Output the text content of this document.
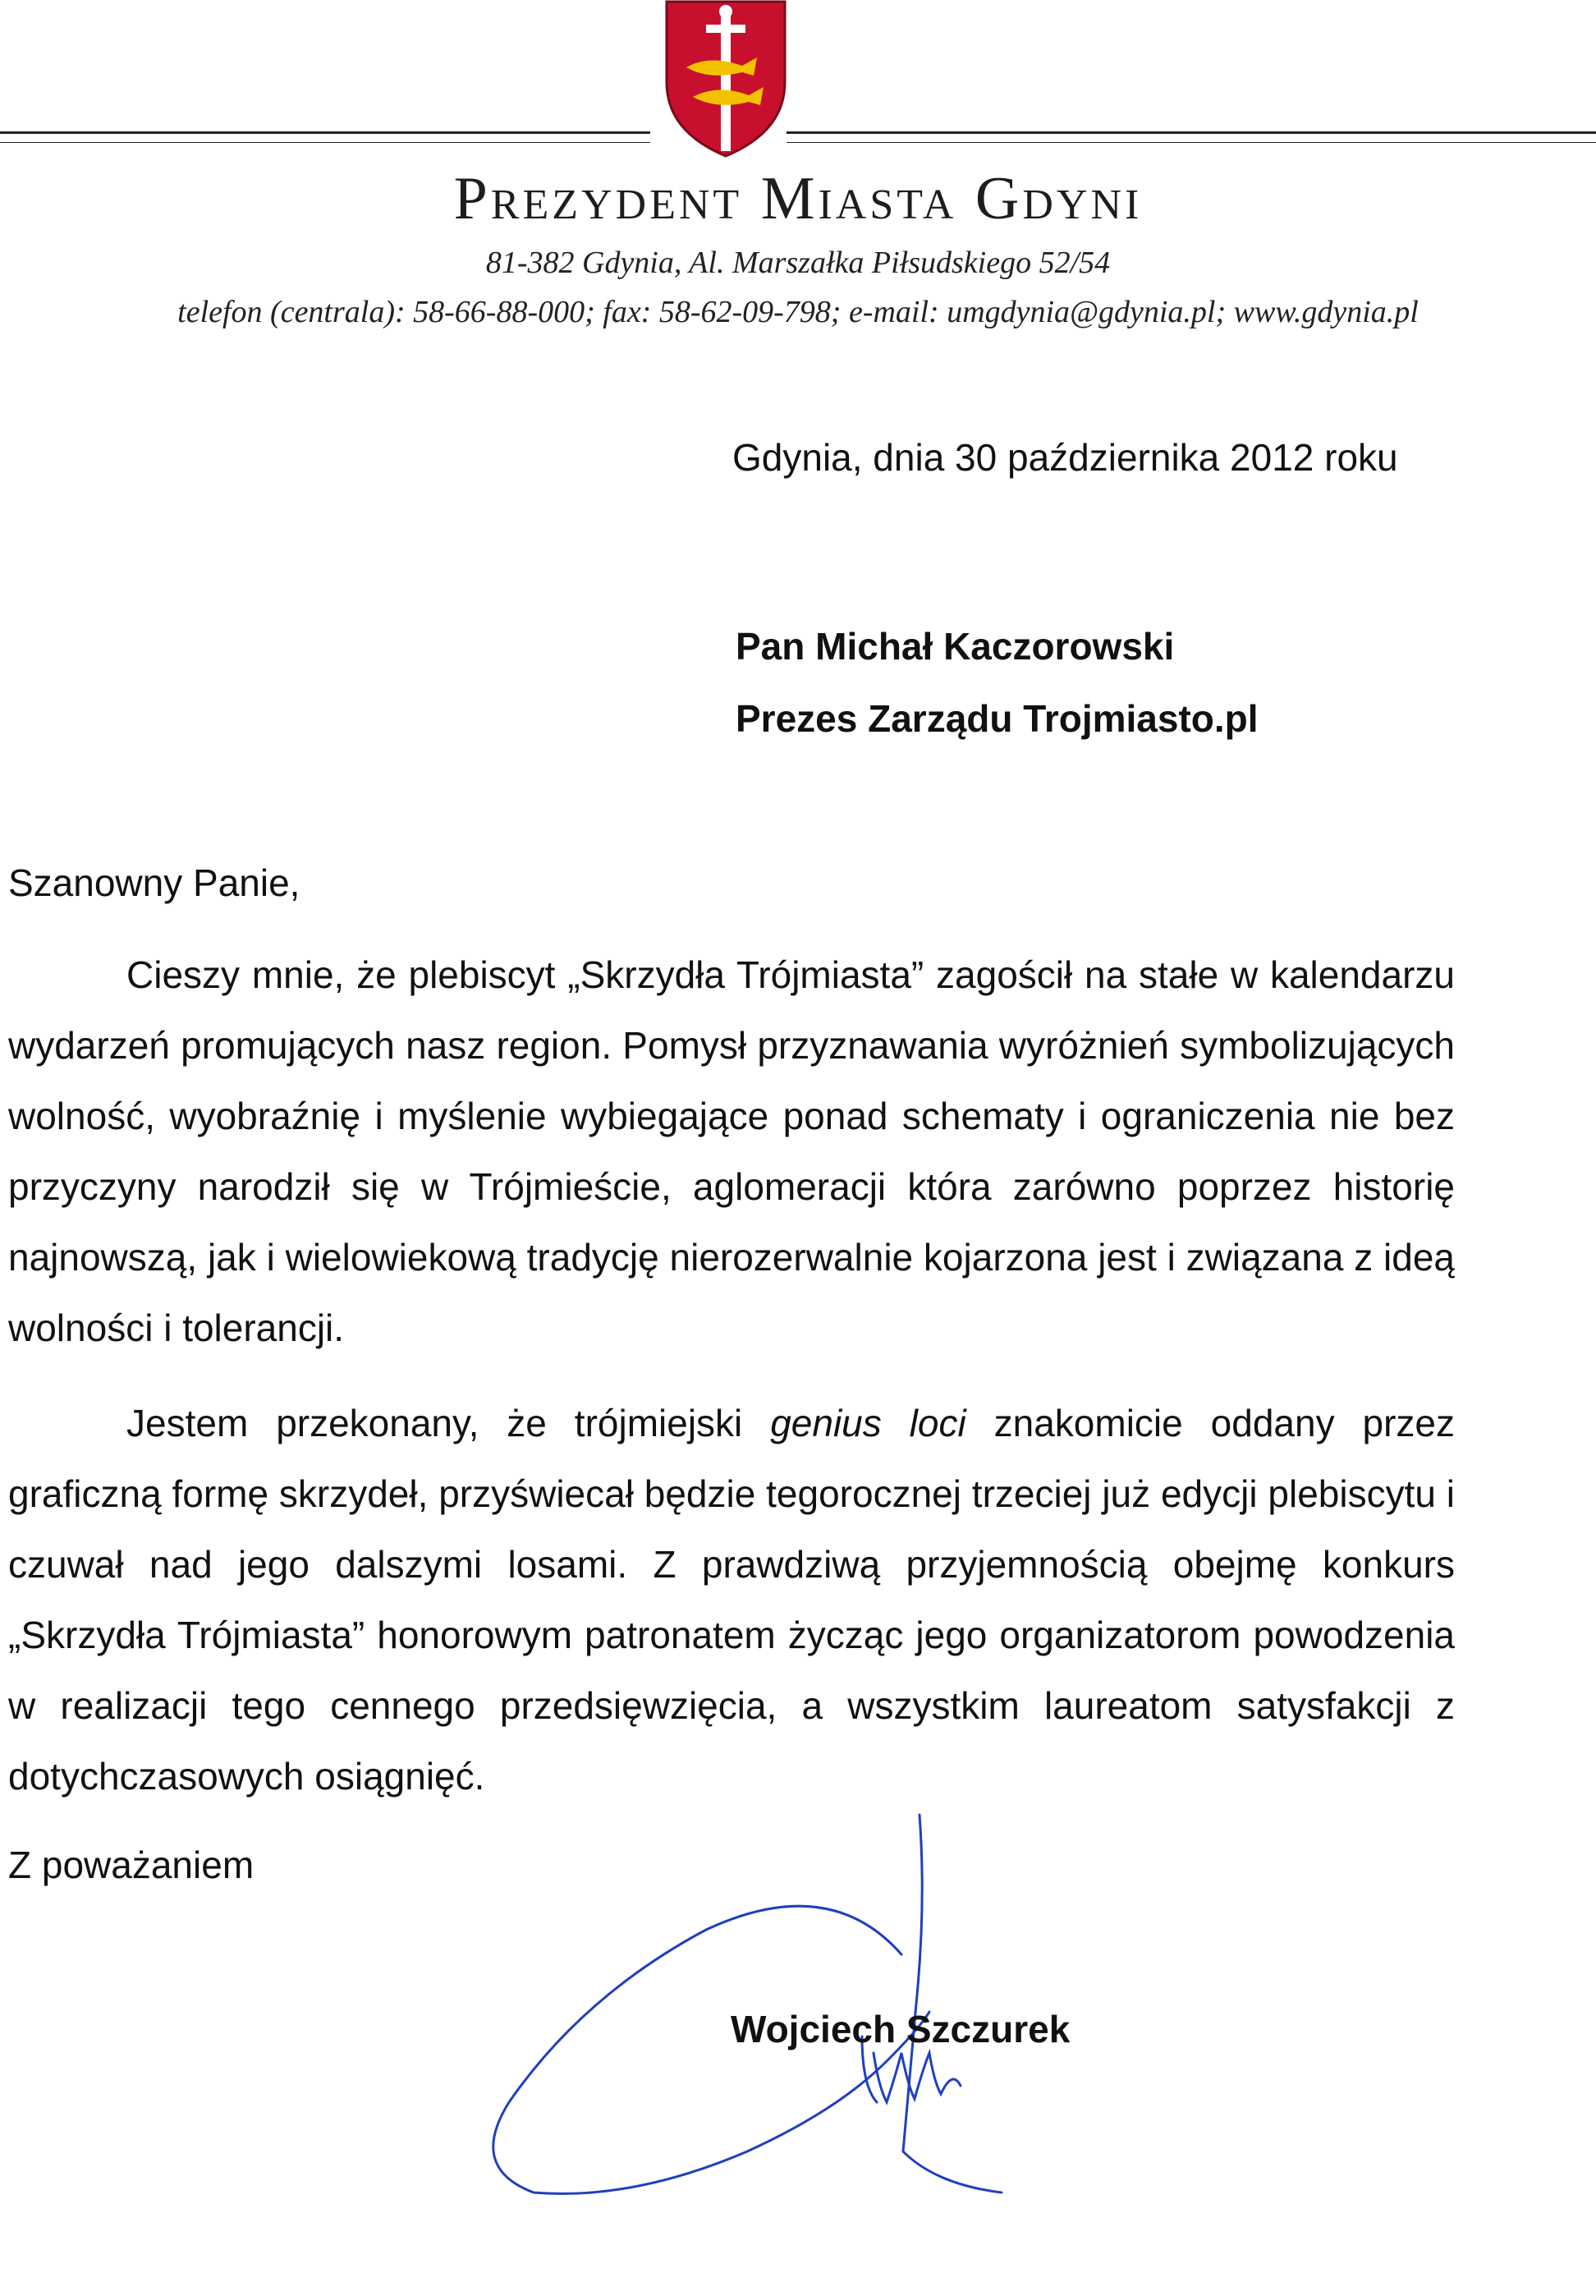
Prezydent Miasta Gdyni
81-382 Gdynia, Al. Marszałka Piłsudskiego 52/54
telefon (centrala): 58-66-88-000; fax: 58-62-09-798; e-mail: umgdynia@gdynia.pl; www.gdynia.pl
Gdynia, dnia 30 października 2012 roku
Pan Michał Kaczorowski
Prezes Zarządu Trojmiasto.pl
Szanowny Panie,
Cieszy mnie, że plebiscyt „Skrzydła Trójmiasta” zagościł na stałe w kalendarzu wydarzeń promujących nasz region. Pomysł przyznawania wyróżnień symbolizujących wolność, wyobraźnię i myślenie wybiegające ponad schematy i ograniczenia nie bez przyczyny narodził się w Trójmieście, aglomeracji która zarówno poprzez historię najnowszą, jak i wielowiekową tradycję nierozerwalnie kojarzona jest i związana z ideą wolności i tolerancji.
Jestem przekonany, że trójmiejski genius loci znakomicie oddany przez graficzną formę skrzydeł, przyświecał będzie tegorocznej trzeciej już edycji plebiscytu i czuwał nad jego dalszymi losami. Z prawdziwą przyjemnością obejmę konkurs „Skrzydła Trójmiasta” honorowym patronatem życząc jego organizatorom powodzenia w realizacji tego cennego przedsięwzięcia, a wszystkim laureatom satysfakcji z dotychczasowych osiągnięć.
Z poważaniem
Wojciech Szczurek
